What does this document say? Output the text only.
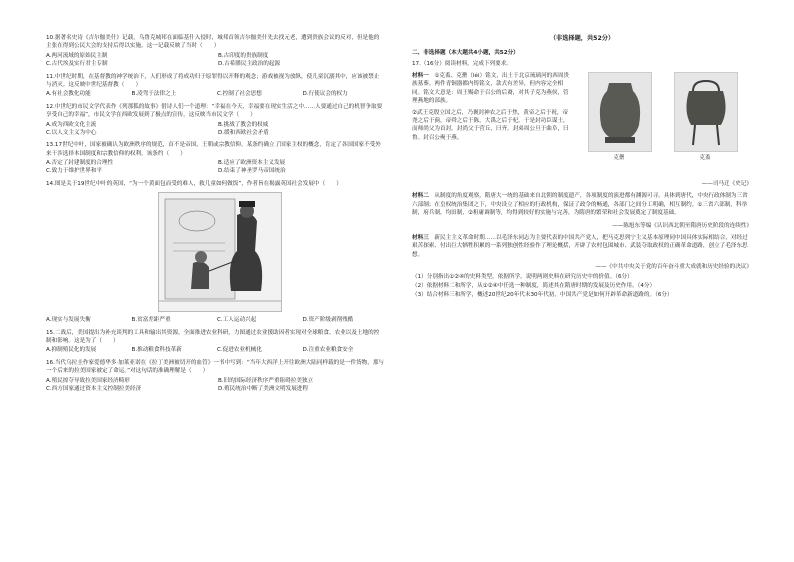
10.据著名史诗《吉尔伽美什》记载，乌鲁克城邦在面临基什入侵时，城邦首领吉尔伽美什先去找元老，遭到贵族会议的反对，但是他的主张在得到公民大会的支持后得以实施。这一记载反映了当时（　　）
A.两河流域的原始民主制	B.古印度的贵族制度
C.古代埃及实行君主专制	D.古希腊民主政治的起源
11.中世纪时期，在基督教的神学统治下，人们形成了将成功归于原罪得以开释的观念；游戏被视为放纵，使儿童沉溺其中，应该被禁止与消灭。这反映中世纪基督教（　　）
A.有社会教化功能	B.凌驾于法律之上	C.控制了社会思想	D.行使议会的权力
12.中世纪的市民文学代表作《列那狐的故事》借诗人们一个道理：“幸福在今天，幸福要在现实生活之中……人要通过自己的机智争取要享受自己的幸福”，市民文学在西欧发展到了极点的宣传，这反映当市民文学（　　）
A.成为西欧文化主流	B.挑战了教会的权威
C.以人文主义为中心	D.缓和西欧社会矛盾
13.17世纪中叶，国家被确认为欧洲秩序的规范，首不是帝国，王朝或宗教信仰。某条约确立了国家主权的概念，肯定了各国国家不受外来干涉选择本国制度和宗教信仰的权利。该条约（　　）
A.否定了封建制度的合理性	B.适应了欧洲资本主义发展
C.致力于维护世界和平	D.结束了神圣罗马帝国统治
14.图是关于19世纪中叶的英国，“为一个黄面包而受的难人，救儿童如何做饭”，作者旨在揭露英国社会发展中（　　）
A.现实与发展失衡	B.贫富差距严重	C.工人运动兴起	D.资产阶级剥削残酷
15.二战后，美国提出为补充谈判的工具和输出其资源，全面推进农业科研，力图通过农业援助因者实现对全球粮食、农业以及土地的控制和影响。这是为了（　　）
A.抑制殖民化的发展	B.推动粮食科技革新	C.促进农业机械化	D.注重农业粮食安全
16.当代乌拉圭作家爱德华多·加莱亚诺在《拉丁美洲被切开的血管》一书中写到：“当年大西洋上开往欧洲大陆同样载的是一件货物，那与一个后来的拉美国家被定了命运。”对这句话的准确理解是（　　）
A.殖民掠夺导致拉美国家经济畸形	B.旧的国际经济秩序严重阻碍拉美独立
C.西方国家通过资本主义控制拉美经济	D.殖民统治中断了美洲文明发展进程
（非选择题，共52分）
二、非选择题（本大题共4小题，共52分）
17.（16分）阅读材料，完成下列要求。
材料一　 ①克盉、克罍（léi）铭文，出土于北京琉璃河的西周贵族墓葬。两件青铜器都内铸铭文，款式有差异，但内容完全相同。铭文大意是：周王赐命于召公的后裔，对其子克为燕侯，管理燕地的部族。
②武王克殷立国之后，乃褒封神农之后于焦，黄帝之后于祝，帝尧之后于蓟，帝舜之后于陈，大禹之后于杞。于是封功臣谋士，而师尚父为首封。封尚父于营丘，曰齐。封弟周公旦于曲阜，曰鲁。封召公奭于燕。
克罍	克盉
——司马迁《史记》
材料二　 从制度的角度观察，隋唐大一统的基础来自北朝的制度遗产，各项制度的演进都有渊源可寻。具体到唐代，中央行政体制为三省六部制；在皇权统治集团之下，中央设立了相应的行政机构，保证了政令的畅通，各部门之间分工明确，相互制约。①三省六部制，科举制，府兵制，均田制，②租庸调制等，均得到较好的实施与完善，为隋唐的繁荣和社会发展奠定了制度基础。
——陈旭东等编《认识西北朝至隋唐历史阶段的连续性》
材料三　 新民主主义革命时期……以毛泽东同志为主要代表的中国共产党人，把马克思列宁主义基本原理同中国具体实际相结合，对经过艰苦探索、付出巨大牺牲积累的一系列独创性经验作了理论概括，开辟了农村包围城市、武装夺取政权的正确革命道路，创立了毛泽东思想。
——《中共中央关于党的百年奋斗重大成就和历史经验的决议》
（1）分别指出①②④的史料类型，依据所学，说明两则史料在研究历史中的价值。（6分）
（2）依据材料二和所学，从①②④中任选一种制度，简述其在隋唐时期的发展及历史作用。（4分）
（3）结合材料三和所学，概述20世纪20年代末30年代初，中国共产党是如何开辟革命新道路的。（6分）
